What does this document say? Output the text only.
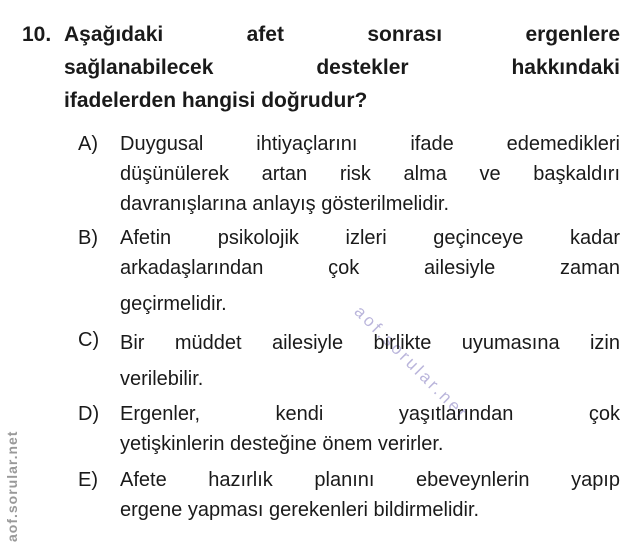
aof.sorular.net
aof.sorular.net
10. Aşağıdaki afet sonrası ergenlere
sağlanabilecek destekler hakkındaki
ifadelerden hangisi doğrudur?
A)	Duygusal ihtiyaçlarını ifade edemedikleri
düşünülerek artan risk alma ve başkaldırı
davranışlarına anlayış gösterilmelidir.
B)	Afetin psikolojik izleri geçinceye kadar
arkadaşlarından çok ailesiyle zaman
geçirmelidir.
C)	Bir müddet ailesiyle birlikte uyumasına izin
verilebilir.
D)	Ergenler, kendi yaşıtlarından çok
yetişkinlerin desteğine önem verirler.
E)	Afete hazırlık planını ebeveynlerin yapıp
ergene yapması gerekenleri bildirmelidir.
